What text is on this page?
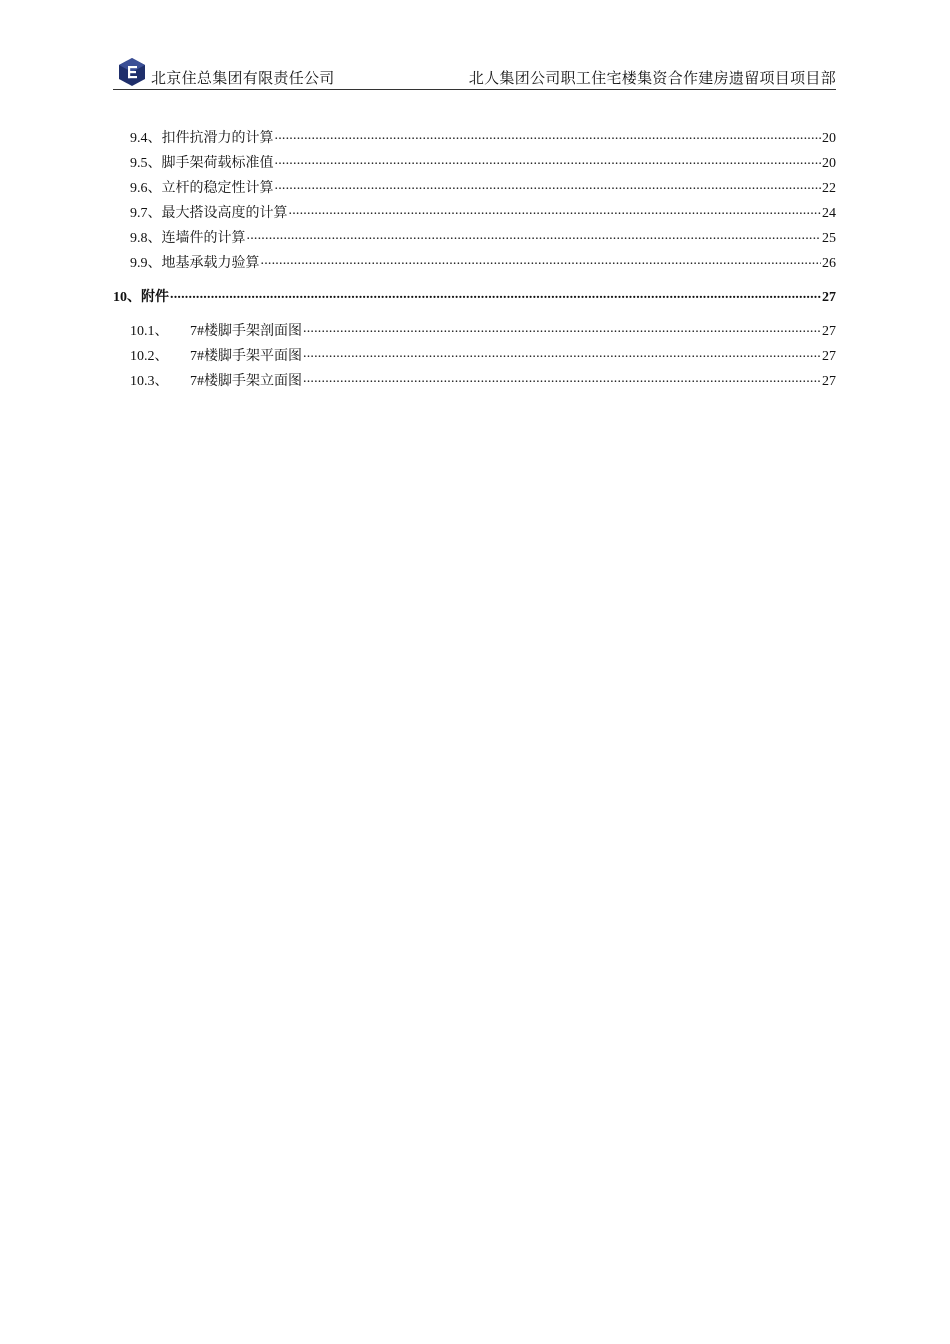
北京住总集团有限责任公司	北人集团公司职工住宅楼集资合作建房遗留项目项目部
9.4、 扣件抗滑力的计算 .....	20
9.5、 脚手架荷载标准值 .....	20
9.6、 立杆的稳定性计算 .....	22
9.7、 最大搭设高度的计算 .....	24
9.8、 连墙件的计算 .....	25
9.9、 地基承载力验算 .....	26
10、 附件 .....	27
10.1、	7#楼脚手架剖面图 .....	27
10.2、	7#楼脚手架平面图 .....	27
10.3、	7#楼脚手架立面图 .....	27
